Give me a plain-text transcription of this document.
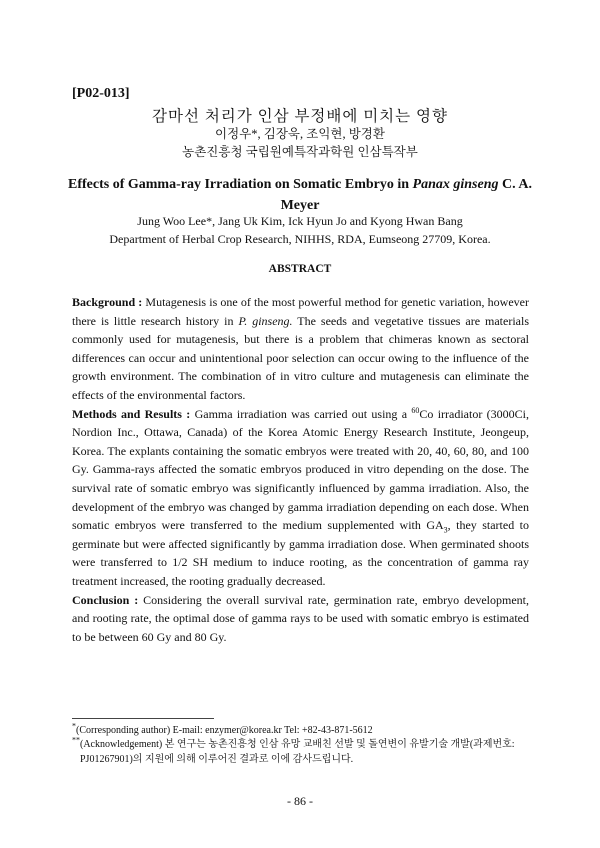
[P02-013]
감마선 처리가 인삼 부정배에 미치는 영향
이정우*, 김장욱, 조익현, 방경환
농촌진흥청 국립원예특작과학원 인삼특작부
Effects of Gamma-ray Irradiation on Somatic Embryo in Panax ginseng C. A. Meyer
Jung Woo Lee*, Jang Uk Kim, Ick Hyun Jo and Kyong Hwan Bang
Department of Herbal Crop Research, NIHHS, RDA, Eumseong 27709, Korea.
ABSTRACT

Background : Mutagenesis is one of the most powerful method for genetic variation, however there is little research history in P. ginseng. The seeds and vegetative tissues are materials commonly used for mutagenesis, but there is a problem that chimeras known as sectoral differences can occur and unintentional poor selection can occur owing to the influence of the growth environment. The combination of in vitro culture and mutagenesis can eliminate the effects of the environmental factors.

Methods and Results : Gamma irradiation was carried out using a $^{60}$Co irradiator (3000Ci, Nordion Inc., Ottawa, Canada) of the Korea Atomic Energy Research Institute, Jeongeup, Korea. The explants containing the somatic embryos were treated with 20, 40, 60, 80, and 100 Gy. Gamma-rays affected the somatic embryos produced in vitro depending on the dose. The survival rate of somatic embryo was significantly influenced by gamma irradiation. Also, the development of the embryo was changed by gamma irradiation depending on each dose. When somatic embryos were transferred to the medium supplemented with $GA_3$, they started to germinate but were affected significantly by gamma irradiation dose. When germinated shoots were transferred to 1/2 SH medium to induce rooting, as the concentration of gamma ray treatment increased, the rooting gradually decreased.

Conclusion : Considering the overall survival rate, germination rate, embryo development, and rooting rate, the optimal dose of gamma rays to be used with somatic embryo is estimated to be between 60 Gy and 80 Gy.

*(Corresponding author) E-mail: enzymer@korea.kr Tel: +82-43-871-5612
**(Acknowledgement) 본 연구는 농촌진흥청 인삼 유망 교배친 선발 및 돌연변이 유발기술 개발(과제번호:
PJ01267901)의 지원에 의해 이루어진 결과로 이에 감사드립니다.
- 86 -
